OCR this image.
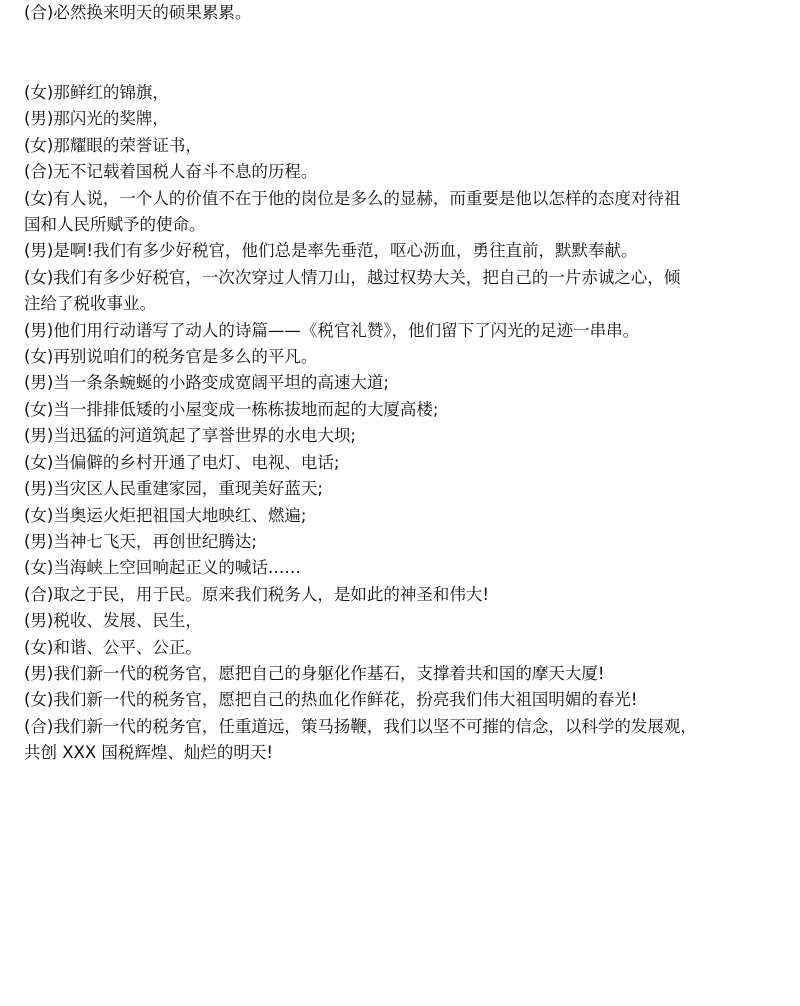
(合)必然换来明天的硕果累累。
(女)那鲜红的锦旗，
(男)那闪光的奖牌，
(女)那耀眼的荣誉证书，
(合)无不记载着国税人奋斗不息的历程。
(女)有人说，一个人的价值不在于他的岗位是多么的显赫，而重要是他以怎样的态度对待祖
国和人民所赋予的使命。
(男)是啊!我们有多少好税官，他们总是率先垂范，呕心沥血，勇往直前，默默奉献。
(女)我们有多少好税官，一次次穿过人情刀山，越过权势大关，把自己的一片赤诚之心，倾
注给了税收事业。
(男)他们用行动谱写了动人的诗篇——《税官礼赞》，他们留下了闪光的足迹一串串。
(女)再别说咱们的税务官是多么的平凡。
(男)当一条条蜿蜒的小路变成宽阔平坦的高速大道;
(女)当一排排低矮的小屋变成一栋栋拔地而起的大厦高楼;
(男)当迅猛的河道筑起了享誉世界的水电大坝;
(女)当偏僻的乡村开通了电灯、电视、电话;
(男)当灾区人民重建家园，重现美好蓝天;
(女)当奥运火炬把祖国大地映红、燃遍;
(男)当神七飞天，再创世纪腾达;
(女)当海峡上空回响起正义的喊话……
(合)取之于民，用于民。原来我们税务人，是如此的神圣和伟大!
(男)税收、发展、民生，
(女)和谐、公平、公正。
(男)我们新一代的税务官，愿把自己的身躯化作基石，支撑着共和国的摩天大厦!
(女)我们新一代的税务官，愿把自己的热血化作鲜花，扮亮我们伟大祖国明媚的春光!
(合)我们新一代的税务官，任重道远，策马扬鞭，我们以坚不可摧的信念，以科学的发展观，
共创 XXX 国税辉煌、灿烂的明天!
